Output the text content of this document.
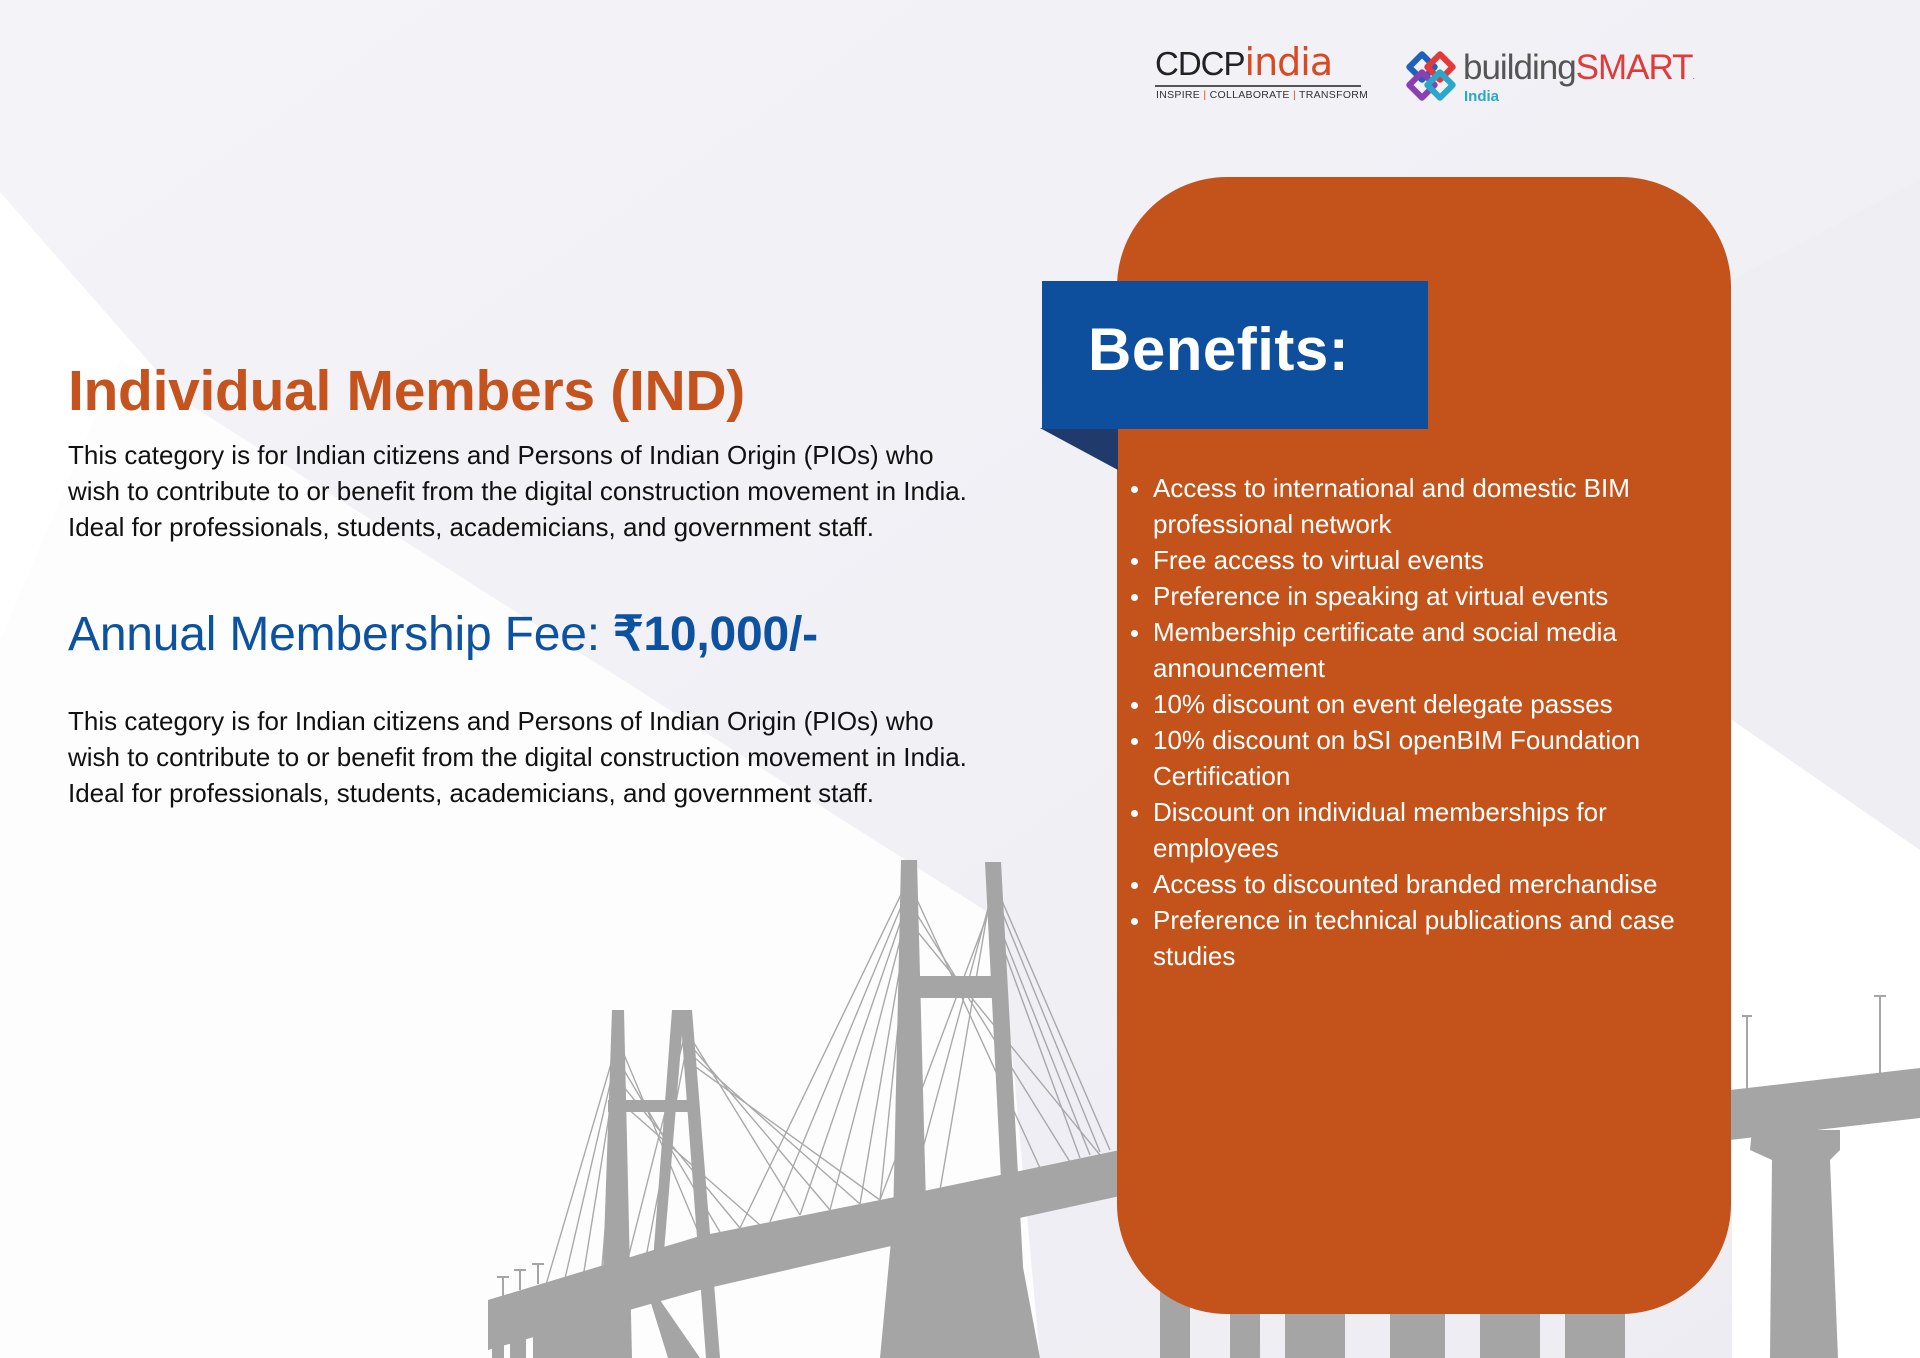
CDCPindia
INSPIRE | COLLABORATE | TRANSFORM
buildingSMART.
India
Individual Members (IND)

This category is for Indian citizens and Persons of Indian Origin (PIOs) who wish to contribute to or benefit from the digital construction movement in India. Ideal for professionals, students, academicians, and government staff.

Annual Membership Fee: ₹10,000/-

This category is for Indian citizens and Persons of Indian Origin (PIOs) who wish to contribute to or benefit from the digital construction movement in India. Ideal for professionals, students, academicians, and government staff.

Benefits:
Access to international and domestic BIM professional network
Free access to virtual events
Preference in speaking at virtual events
Membership certificate and social media announcement
10% discount on event delegate passes
10% discount on bSI openBIM Foundation Certification
Discount on individual memberships for employees
Access to discounted branded merchandise
Preference in technical publications and case studies
